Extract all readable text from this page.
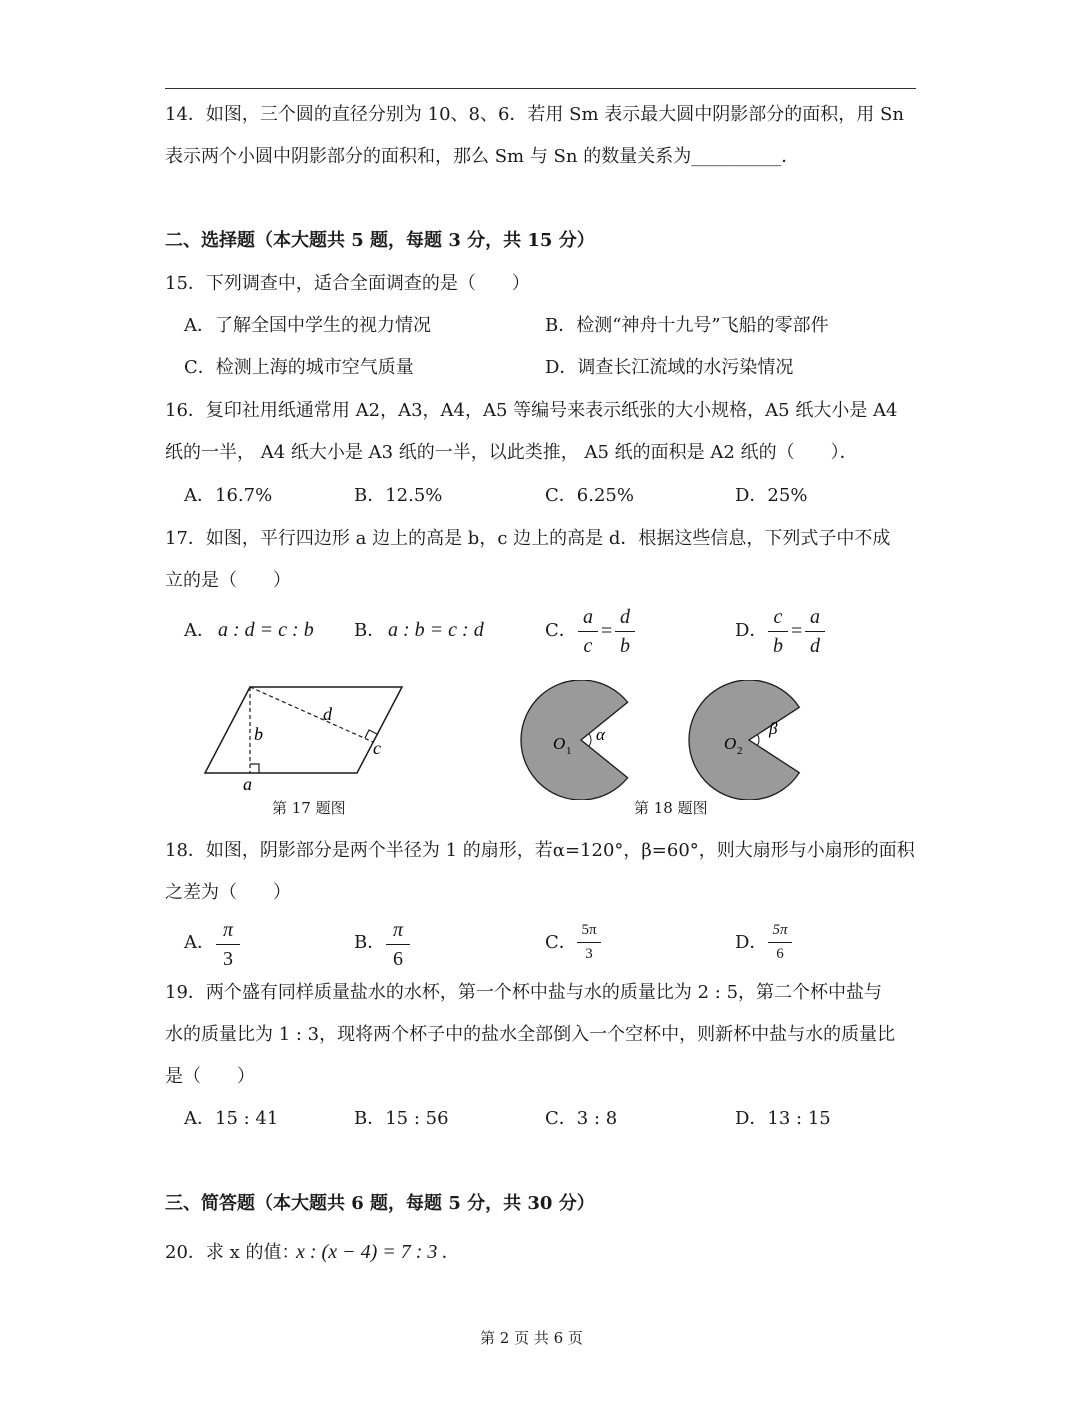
14．如图，三个圆的直径分别为 10、8、6．若用 Sm 表示最大圆中阴影部分的面积，用 Sn
表示两个小圆中阴影部分的面积和，那么 Sm 与 Sn 的数量关系为__________．
二、选择题（本大题共 5 题，每题 3 分，共 15 分）
15．下列调查中，适合全面调查的是（　　）
A．了解全国中学生的视力情况	B．检测“神舟十九号”飞船的零部件
C．检测上海的城市空气质量	D．调查长江流域的水污染情况
16．复印社用纸通常用 A2，A3，A4，A5 等编号来表示纸张的大小规格，A5 纸大小是 A4
纸的一半， A4 纸大小是 A3 纸的一半，以此类推， A5 纸的面积是 A2 纸的（　　）．
A．16.7%	B．12.5%	C．6.25%	D．25%
17．如图，平行四边形 a 边上的高是 b，c 边上的高是 d．根据这些信息，下列式子中不成
立的是（　　）
A． a : d = c : b B． a : b = c : d	C．
a
c
=
d
b
D．
c
b
=
a
d
b
d
c
a
第 17 题图
O 1
α	O 2
β
第 18 题图
18．如图，阴影部分是两个半径为 1 的扇形，若α=120°，β=60°，则大扇形与小扇形的面积
之差为（　　）
A．
π
3
B．
π
6
C．
5π
3
D．
5π
6
19．两个盛有同样质量盐水的水杯，第一个杯中盐与水的质量比为 2 : 5，第二个杯中盐与
水的质量比为 1 : 3，现将两个杯子中的盐水全部倒入一个空杯中，则新杯中盐与水的质量比
是（　　）
A．15 : 41	B．15 : 56	C．3 : 8	D．13 : 15
三、简答题（本大题共 6 题，每题 5 分，共 30 分）
20．求 x 的值：
x : (x − 4) = 7 : 3 .
第 2 页 共 6 页
